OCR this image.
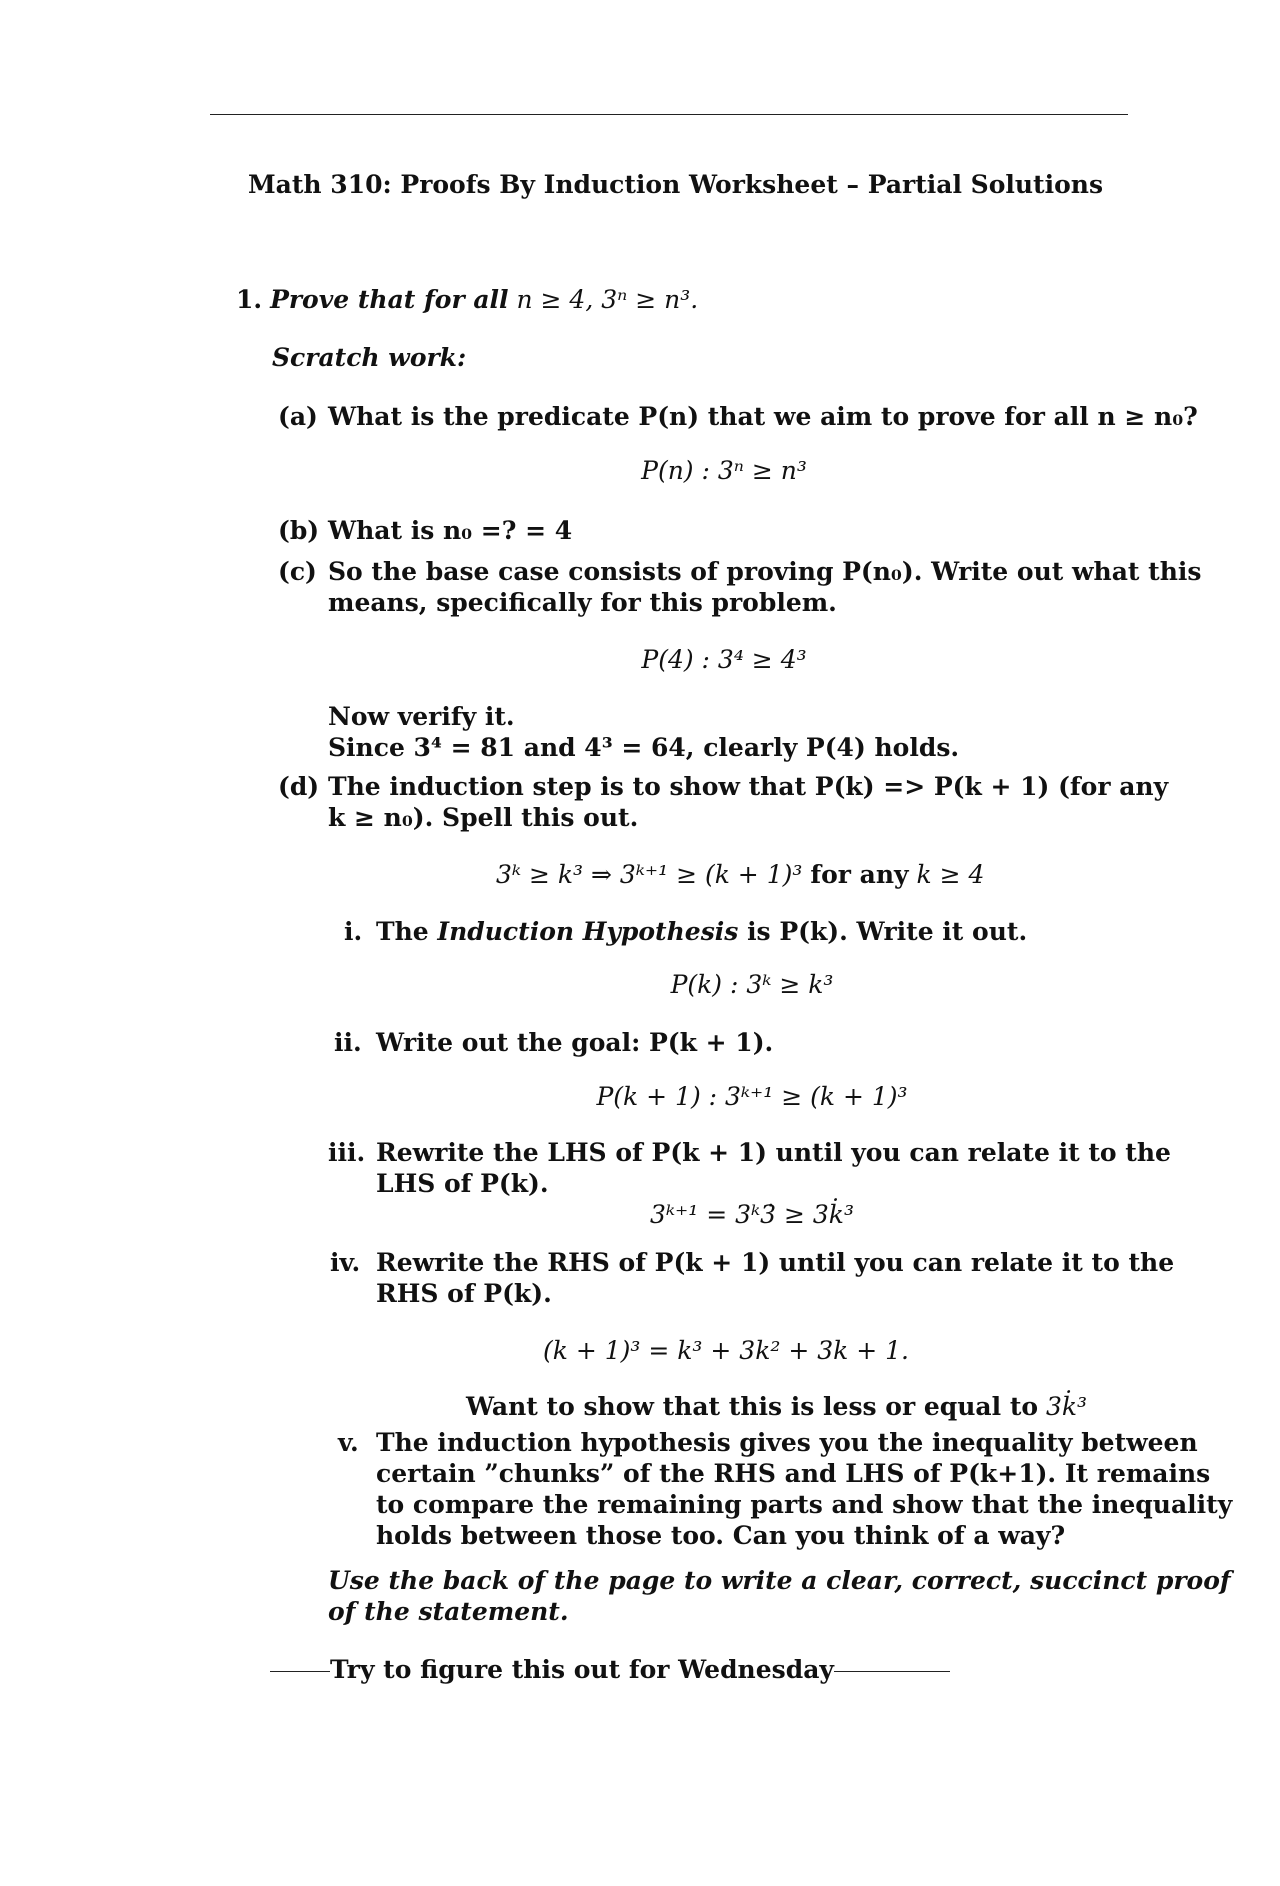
Math 310: Proofs By Induction Worksheet – Partial Solutions
1. Prove that for all n ≥ 4, 3ⁿ ≥ n³.
Scratch work:
(a) What is the predicate P(n) that we aim to prove for all n ≥ n₀?
P(n) : 3ⁿ ≥ n³
(b) What is n₀ =? = 4
(c) So the base case consists of proving P(n₀). Write out what this
means, specifically for this problem.
P(4) : 3⁴ ≥ 4³
Now verify it.
Since 3⁴ = 81 and 4³ = 64, clearly P(4) holds.
(d) The induction step is to show that P(k) => P(k + 1) (for any
k ≥ n₀). Spell this out.
3ᵏ ≥ k³ ⇒ 3ᵏ⁺¹ ≥ (k + 1)³ for any k ≥ 4
i. The Induction Hypothesis is P(k). Write it out.
P(k) : 3ᵏ ≥ k³
ii. Write out the goal: P(k + 1).
P(k + 1) : 3ᵏ⁺¹ ≥ (k + 1)³
iii. Rewrite the LHS of P(k + 1) until you can relate it to the
LHS of P(k).
3ᵏ⁺¹ = 3ᵏ3̇ ≥ 3k̇³
iv. Rewrite the RHS of P(k + 1) until you can relate it to the
RHS of P(k).
(k + 1)³ = k³ + 3k² + 3k + 1.
Want to show that this is less or equal to 3k̇³
v. The induction hypothesis gives you the inequality between
certain ”chunks” of the RHS and LHS of P(k+1). It remains
to compare the remaining parts and show that the inequality
holds between those too. Can you think of a way?
Use the back of the page to write a clear, correct, succinct proof
of the statement.
Try to figure this out for Wednesday
